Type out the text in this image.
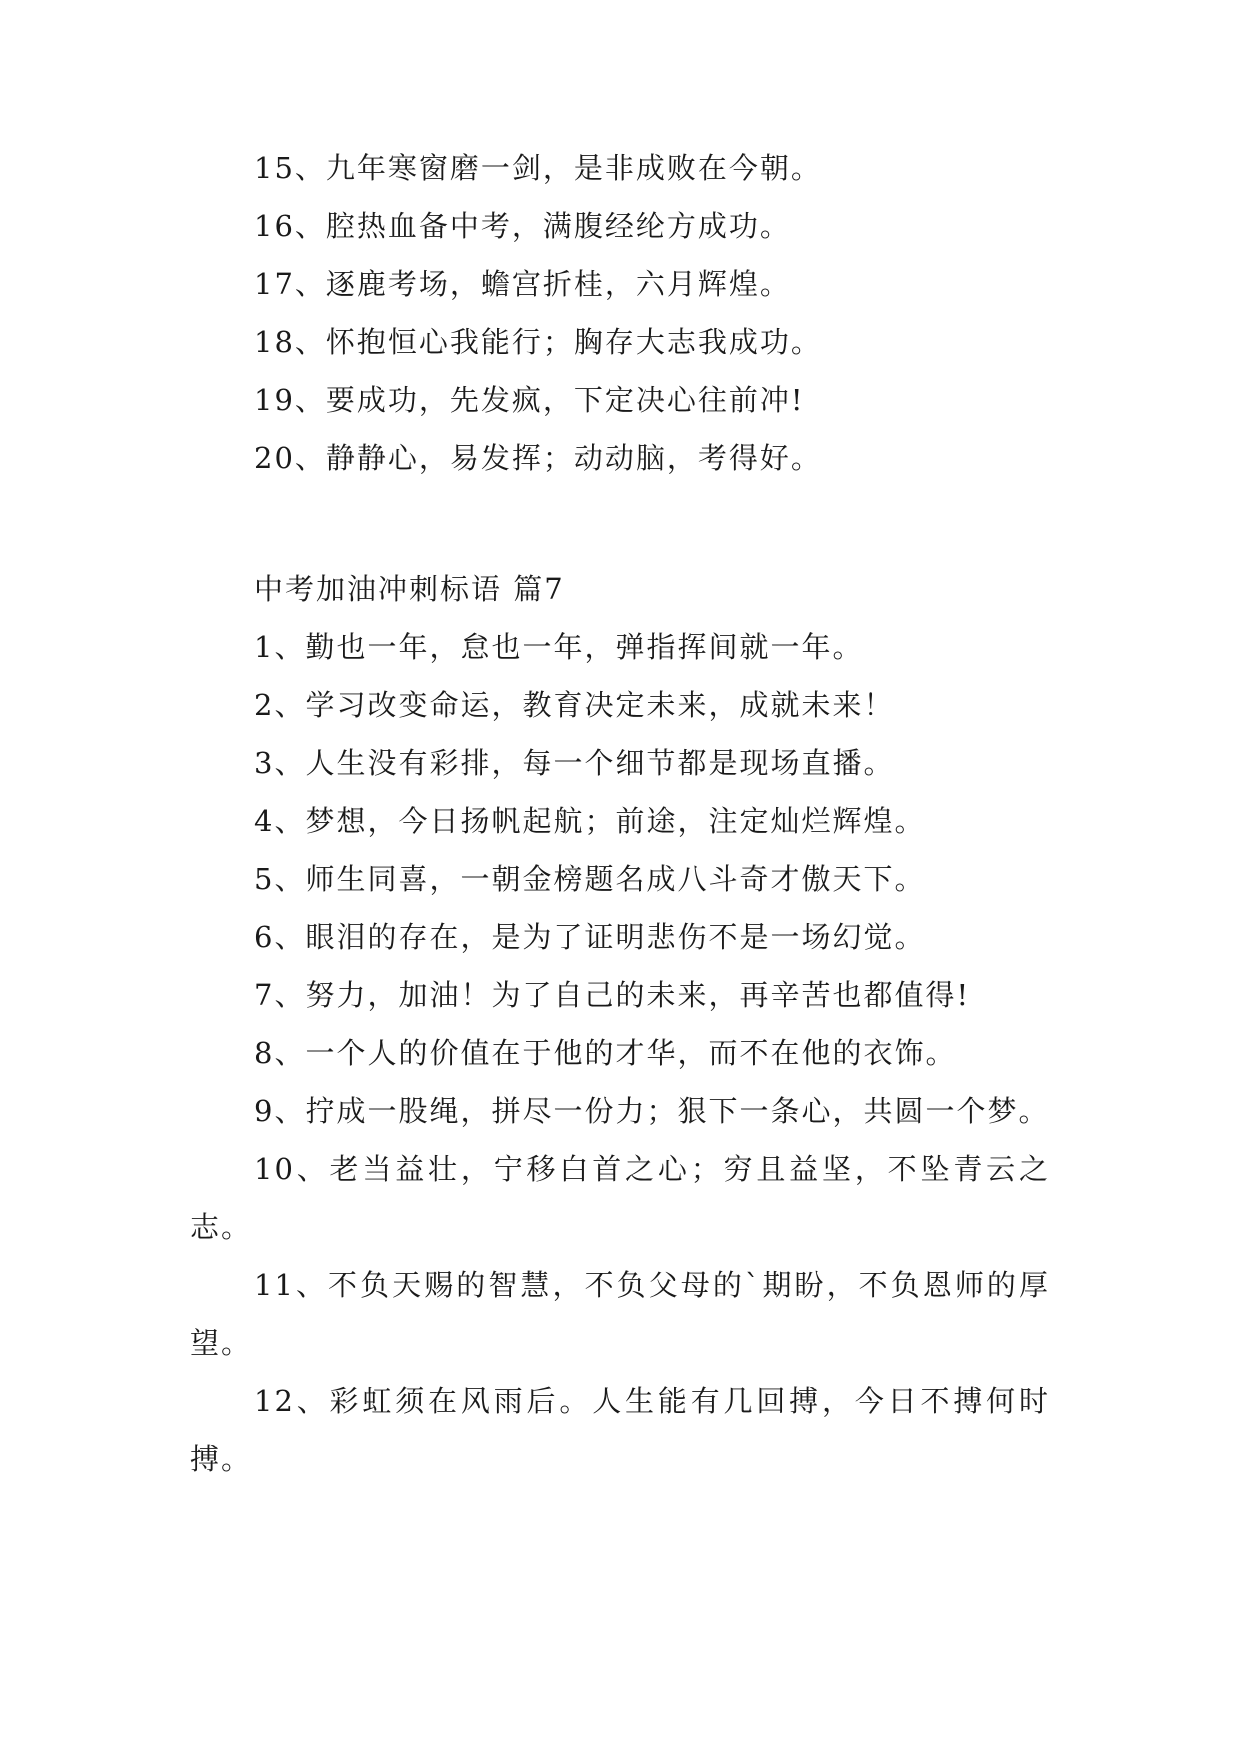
15、九年寒窗磨一剑，是非成败在今朝。
16、腔热血备中考，满腹经纶方成功。
17、逐鹿考场，蟾宫折桂，六月辉煌。
18、怀抱恒心我能行；胸存大志我成功。
19、要成功，先发疯，下定决心往前冲!
20、静静心，易发挥；动动脑，考得好。
中考加油冲刺标语 篇7
1、勤也一年，怠也一年，弹指挥间就一年。
2、学习改变命运，教育决定未来，成就未来！
3、人生没有彩排，每一个细节都是现场直播。
4、梦想，今日扬帆起航；前途，注定灿烂辉煌。
5、师生同喜，一朝金榜题名成八斗奇才傲天下。
6、眼泪的存在，是为了证明悲伤不是一场幻觉。
7、努力，加油！为了自己的未来，再辛苦也都值得!
8、一个人的价值在于他的才华，而不在他的衣饰。
9、拧成一股绳，拼尽一份力；狠下一条心，共圆一个梦。
10、老当益壮，宁移白首之心；穷且益坚，不坠青云之志。
11、不负天赐的智慧，不负父母的`期盼，不负恩师的厚望。
12、彩虹须在风雨后。人生能有几回搏，今日不搏何时搏。
